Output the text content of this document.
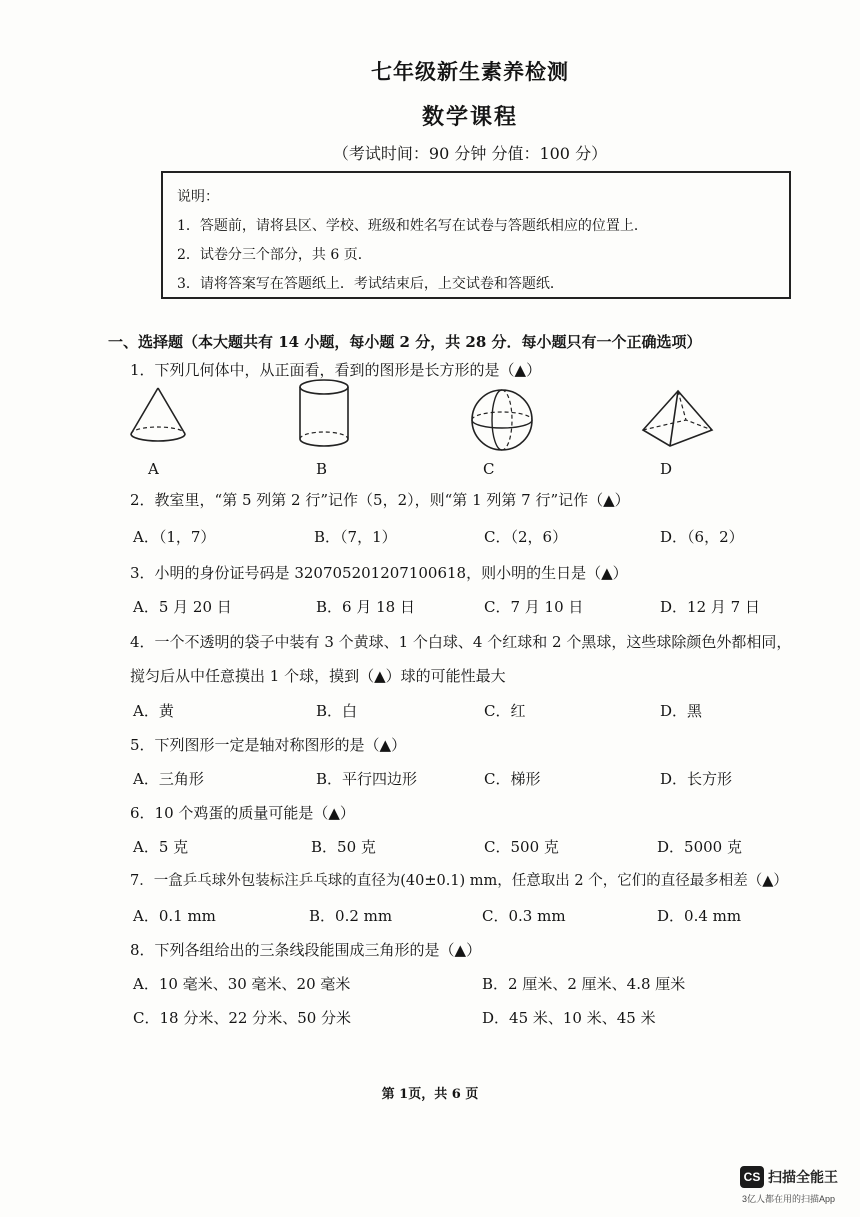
七年级新生素养检测
数学课程
（考试时间：90 分钟 分值：100 分）
说明：
1．答题前，请将县区、学校、班级和姓名写在试卷与答题纸相应的位置上．
2．试卷分三个部分，共 6 页．
3．请将答案写在答题纸上．考试结束后，上交试卷和答题纸．
一、选择题（本大题共有 14 小题，每小题 2 分，共 28 分．每小题只有一个正确选项）
1．下列几何体中，从正面看，看到的图形是长方形的是（▲）
A	B	C	D
2．教室里，“第 5 列第 2 行”记作（5，2），则“第 1 列第 7 行”记作（▲）
A．（1，7）	B．（7，1）	C．（2，6）	D．（6，2）
3．小明的身份证号码是 320705201207100618，则小明的生日是（▲）
A．5 月 20 日	B．6 月 18 日	C．7 月 10 日	D．12 月 7 日
4．一个不透明的袋子中装有 3 个黄球、1 个白球、4 个红球和 2 个黑球，这些球除颜色外都相同，
搅匀后从中任意摸出 1 个球，摸到（▲）球的可能性最大
A．黄	B．白	C．红	D．黑
5．下列图形一定是轴对称图形的是（▲）
A．三角形	B．平行四边形	C．梯形	D．长方形
6．10 个鸡蛋的质量可能是（▲）
A．5 克	B．50 克	C．500 克	D．5000 克
7．一盒乒乓球外包装标注乒乓球的直径为(40±0.1) mm，任意取出 2 个，它们的直径最多相差（▲）
A．0.1 mm	B．0.2 mm	C．0.3 mm	D．0.4 mm
8．下列各组给出的三条线段能围成三角形的是（▲）
A．10 毫米、30 毫米、20 毫米	B．2 厘米、2 厘米、4.8 厘米
C．18 分米、22 分米、50 分米	D．45 米、10 米、45 米
第 1页，共 6 页
CS 扫描全能王
3亿人都在用的扫描App
